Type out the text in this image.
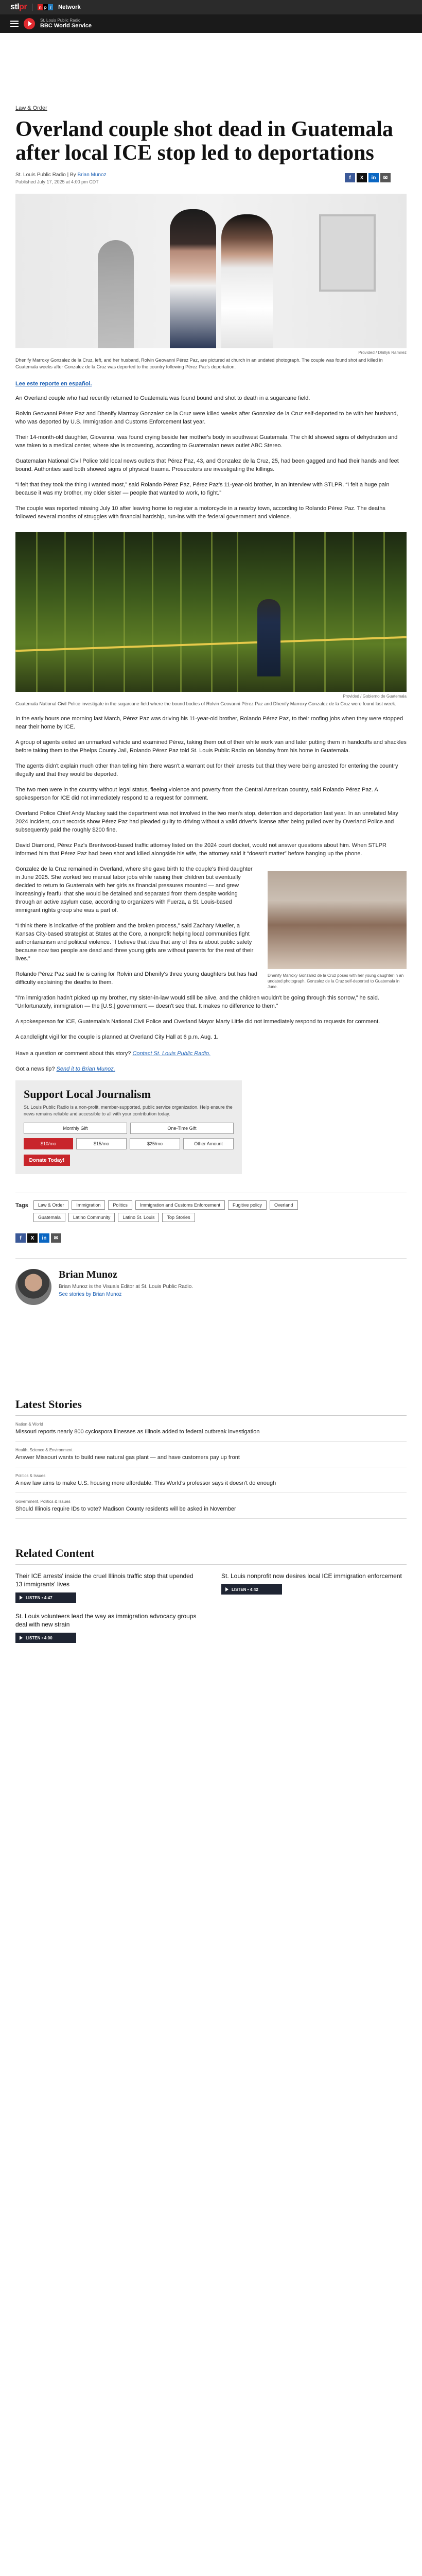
stlpr	n p r	Network
St. Louis Public Radio
BBC World Service
Law & Order
Overland couple shot dead in Guatemala after local ICE stop led to deportations
St. Louis Public Radio | By Brian Munoz
Published July 17, 2025 at 4:00 pm CDT
Provided / Dhillyk Ramirez
Dhenify Marroxy Gonzalez de la Cruz, left, and her husband, Rolvin Geovanni Pérez Paz, are pictured at church in an undated photograph. The couple was found shot and killed in Guatemala weeks after Gonzalez de la Cruz was deported to the country following Pérez Paz's deportation.
Lee este reporte en español.

An Overland couple who had recently returned to Guatemala was found bound and shot to death in a sugarcane field.

Rolvin Geovanni Pérez Paz and Dhenify Marroxy Gonzalez de la Cruz were killed weeks after Gonzalez de la Cruz self-deported to be with her husband, who was deported by U.S. Immigration and Customs Enforcement last year.

Their 14-month-old daughter, Giovanna, was found crying beside her mother's body in southwest Guatemala. The child showed signs of dehydration and was taken to a medical center, where she is recovering, according to Guatemalan news outlet ABC Stereo.

Guatemalan National Civil Police told local news outlets that Pérez Paz, 43, and Gonzalez de la Cruz, 25, had been gagged and had their hands and feet bound. Authorities said both showed signs of physical trauma. Prosecutors are investigating the killings.

“I felt that they took the thing I wanted most,” said Rolando Pérez Paz, Pérez Paz's 11-year-old brother, in an interview with STLPR. “I felt a huge pain because it was my brother, my older sister — people that wanted to work, to fight.”

The couple was reported missing July 10 after leaving home to register a motorcycle in a nearby town, according to Rolando Pérez Paz. The deaths followed several months of struggles with financial hardship, run-ins with the federal government and violence.

Provided / Gobierno de Guatemala
Guatemala National Civil Police investigate in the sugarcane field where the bound bodies of Rolvin Geovanni Pérez Paz and Dhenify Marroxy Gonzalez de la Cruz were found last week.

In the early hours one morning last March, Pérez Paz was driving his 11-year-old brother, Rolando Pérez Paz, to their roofing jobs when they were stopped near their home by ICE.

A group of agents exited an unmarked vehicle and examined Pérez, taking them out of their white work van and later putting them in handcuffs and shackles before taking them to the Phelps County Jail, Rolando Pérez Paz told St. Louis Public Radio on Monday from his home in Guatemala.

The agents didn't explain much other than telling him there wasn't a warrant out for their arrests but that they were being arrested for entering the country illegally and that they would be deported.

The two men were in the country without legal status, fleeing violence and poverty from the Central American country, said Rolando Pérez Paz. A spokesperson for ICE did not immediately respond to a request for comment.

Overland Police Chief Andy Mackey said the department was not involved in the two men's stop, detention and deportation last year. In an unrelated May 2024 incident, court records show Pérez Paz had pleaded guilty to driving without a valid driver's license after being pulled over by Overland Police and subsequently paid the roughly $200 fine.

David Diamond, Pérez Paz's Brentwood-based traffic attorney listed on the 2024 court docket, would not answer questions about him. When STLPR informed him that Pérez Paz had been shot and killed alongside his wife, the attorney said it “doesn't matter” before hanging up the phone.

Dhenify Marroxy Gonzalez de la Cruz poses with her young daughter in an undated photograph. Gonzalez de la Cruz self-deported to Guatemala in June.

Gonzalez de la Cruz remained in Overland, where she gave birth to the couple's third daughter in June 2025. She worked two manual labor jobs while raising their children but eventually decided to return to Guatemala with her girls as financial pressures mounted — and grew increasingly fearful that she would be detained and separated from them despite working through an active asylum case, according to organizers with Fuerza, a St. Louis-based immigrant rights group she was a part of.

“I think there is indicative of the problem and the broken process,” said Zachary Mueller, a Kansas City-based strategist at States at the Core, a nonprofit helping local communities fight authoritarianism and political violence. “I believe that idea that any of this is about public safety because now two people are dead and three young girls are without parents for the rest of their lives.”

Rolando Pérez Paz said he is caring for Rolvin and Dhenify's three young daughters but has had difficulty explaining the deaths to them.

“I'm immigration hadn't picked up my brother, my sister-in-law would still be alive, and the children wouldn't be going through this sorrow,” he said. “Unfortunately, immigration — the [U.S.] government — doesn't see that. It makes no difference to them.”

A spokesperson for ICE, Guatemala's National Civil Police and Overland Mayor Marty Little did not immediately respond to requests for comment.

A candlelight vigil for the couple is planned at Overland City Hall at 6 p.m. Aug. 1.

Have a question or comment about this story? Contact St. Louis Public Radio.
Got a news tip? Send it to Brian Munoz.
Support Local Journalism

St. Louis Public Radio is a non-profit, member-supported, public service organization. Help ensure the news remains reliable and accessible to all with your contribution today.

Monthly Gift	One-Time Gift
$10/mo	$15/mo	$25/mo	Other Amount
Donate Today!
Tags	Law & Order	Immigration	Politics	Immigration and Customs Enforcement	Fugitive policy	Overland
Guatemala	Latino Community	Latino St. Louis	Top Stories
f	X	in	✉
Brian Munoz
Brian Munoz is the Visuals Editor at St. Louis Public Radio.
See stories by Brian Munoz
Latest Stories
Nation & World
Missouri reports nearly 800 cyclospora illnesses as Illinois added to federal outbreak investigation
Health, Science & Environment
Answer Missouri wants to build new natural gas plant — and have customers pay up front
Politics & Issues
A new law aims to make U.S. housing more affordable. This World's professor says it doesn't do enough
Government, Politics & Issues
Should Illinois require IDs to vote? Madison County residents will be asked in November
Related Content
Their ICE arrests' inside the cruel Illinois traffic stop that upended 13 immigrants' lives
LISTEN • 4:47
St. Louis nonprofit now desires local ICE immigration enforcement
LISTEN • 4:42
St. Louis volunteers lead the way as immigration advocacy groups deal with new strain
LISTEN • 4:00
f	X	in	✉
